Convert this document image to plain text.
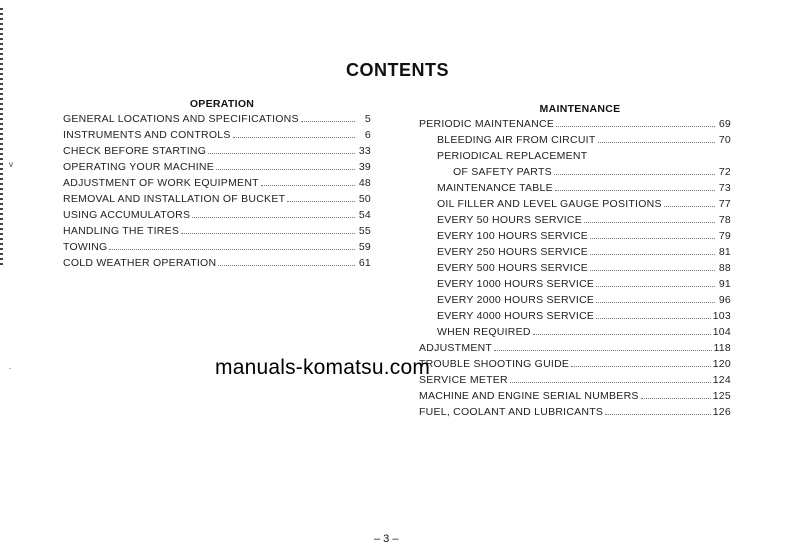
v
.
CONTENTS
OPERATION
GENERAL LOCATIONS AND SPECIFICATIONS	5
INSTRUMENTS AND CONTROLS	6
CHECK BEFORE STARTING	33
OPERATING YOUR MACHINE	39
ADJUSTMENT OF WORK EQUIPMENT	48
REMOVAL AND INSTALLATION OF BUCKET	50
USING ACCUMULATORS	54
HANDLING THE TIRES	55
TOWING	59
COLD WEATHER OPERATION	61
MAINTENANCE
PERIODIC MAINTENANCE	69
BLEEDING AIR FROM CIRCUIT	70
PERIODICAL REPLACEMENT
OF SAFETY PARTS	72
MAINTENANCE TABLE	73
OIL FILLER AND LEVEL GAUGE POSITIONS	77
EVERY 50 HOURS SERVICE	78
EVERY 100 HOURS SERVICE	79
EVERY 250 HOURS SERVICE	81
EVERY 500 HOURS SERVICE	88
EVERY 1000 HOURS SERVICE	91
EVERY 2000 HOURS SERVICE	96
EVERY 4000 HOURS SERVICE	103
WHEN REQUIRED	104
ADJUSTMENT	118
TROUBLE SHOOTING GUIDE	120
SERVICE METER	124
MACHINE AND ENGINE SERIAL NUMBERS	125
FUEL, COOLANT AND LUBRICANTS	126
manuals-komatsu.com
– 3 –
